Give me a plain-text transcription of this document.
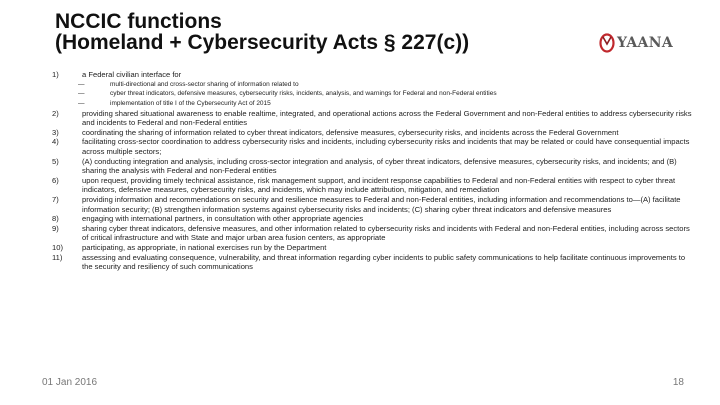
NCCIC functions
(Homeland + Cybersecurity Acts § 227(c))	YAANA
1)	a Federal civilian interface for
—	multi-directional and cross-sector sharing of information related to
—	cyber threat indicators, defensive measures, cybersecurity risks, incidents, analysis, and warnings for Federal and non-Federal entities
—	implementation of title I of the Cybersecurity Act of 2015
2)	providing shared situational awareness to enable realtime, integrated, and operational actions across the Federal Government and non-Federal entities to address cybersecurity risks and incidents to Federal and non-Federal entities
3)	coordinating the sharing of information related to cyber threat indicators, defensive measures, cybersecurity risks, and incidents across the Federal Government
4)	facilitating cross-sector coordination to address cybersecurity risks and incidents, including cybersecurity risks and incidents that may be related or could have consequential impacts across multiple sectors;
5)	(A) conducting integration and analysis, including cross-sector integration and analysis, of cyber threat indicators, defensive measures, cybersecurity risks, and incidents; and (B) sharing the analysis with Federal and non-Federal entities
6)	upon request, providing timely technical assistance, risk management support, and incident response capabilities to Federal and non-Federal entities with respect to cyber threat indicators, defensive measures, cybersecurity risks, and incidents, which may include attribution, mitigation, and remediation
7)	providing information and recommendations on security and resilience measures to Federal and non-Federal entities, including information and recommendations to—(A) facilitate information security; (B) strengthen information systems against cybersecurity risks and incidents; (C) sharing cyber threat indicators and defensive measures
8)	engaging with international partners, in consultation with other appropriate agencies
9)	sharing cyber threat indicators, defensive measures, and other information related to cybersecurity risks and incidents with Federal and non-Federal entities, including across sectors of critical infrastructure and with State and major urban area fusion centers, as appropriate
10)	participating, as appropriate, in national exercises run by the Department
11)	assessing and evaluating consequence, vulnerability, and threat information regarding cyber incidents to public safety communications to help facilitate continuous improvements to the security and resiliency of such communications
01 Jan 2016	18
